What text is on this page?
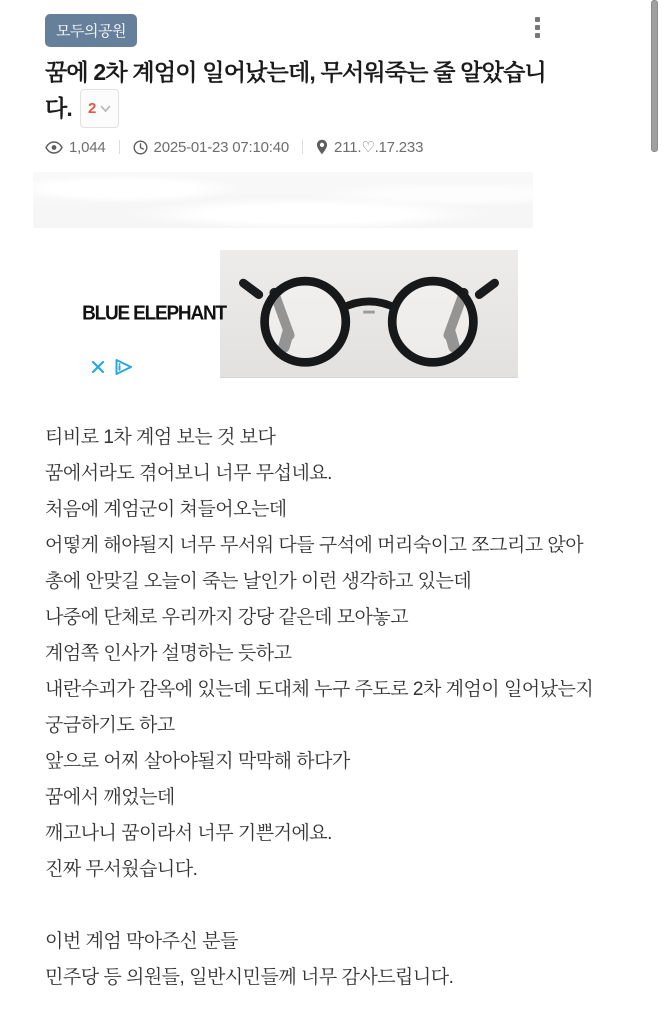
모두의공원
꿈에 2차 계엄이 일어났는데, 무서워죽는 줄 알았습니다. 2
1,044	2025-01-23 07:10:40	211.♡.17.233
BLUE ELEPHANT
티비로 1차 계엄 보는 것 보다
꿈에서라도 겪어보니 너무 무섭네요.
처음에 계엄군이 쳐들어오는데
어떻게 해야될지 너무 무서워 다들 구석에 머리숙이고 쪼그리고 앉아
총에 안맞길 오늘이 죽는 날인가 이런 생각하고 있는데
나중에 단체로 우리까지 강당 같은데 모아놓고
계엄쪽 인사가 설명하는 듯하고
내란수괴가 감옥에 있는데 도대체 누구 주도로 2차 계엄이 일어났는지 궁금하기도 하고
앞으로 어찌 살아야될지 막막해 하다가
꿈에서 깨었는데
깨고나니 꿈이라서 너무 기쁜거에요.
진짜 무서웠습니다.
이번 계엄 막아주신 분들
민주당 등 의원들, 일반시민들께 너무 감사드립니다.
